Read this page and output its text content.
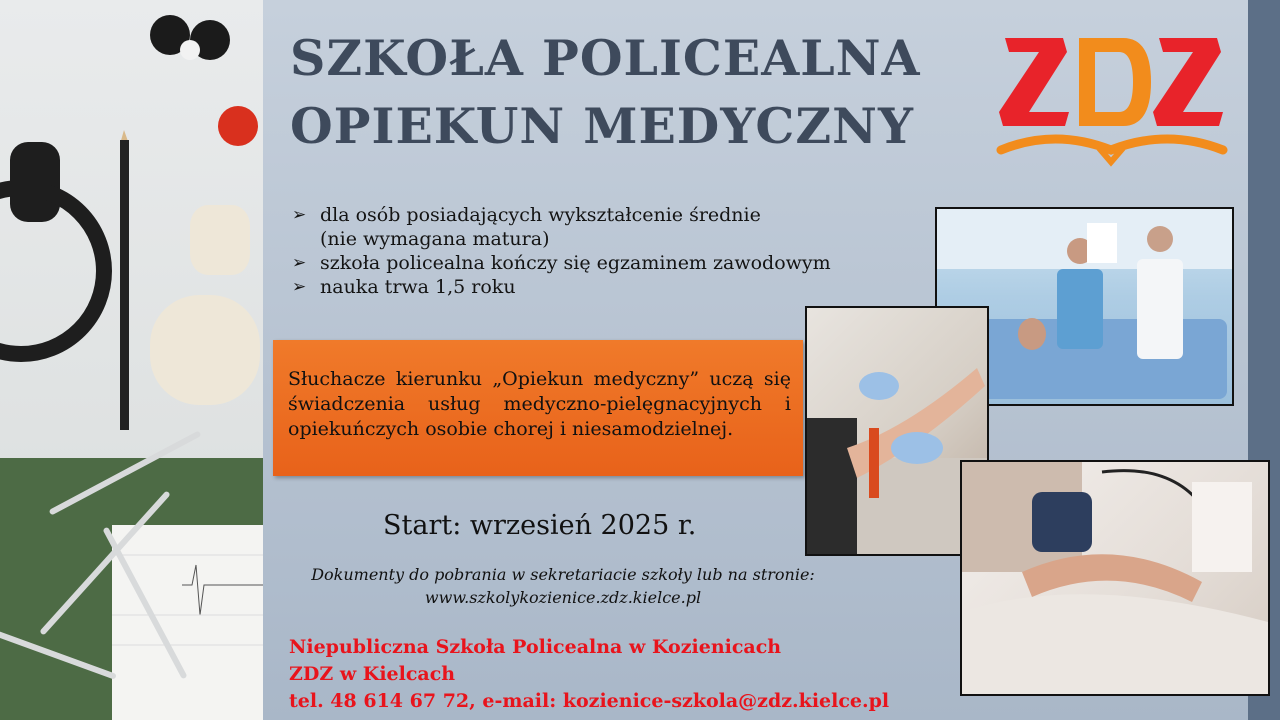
SZKOŁA POLICEALNA
OPIEKUN MEDYCZNY
➢ dla osób posiadających wykształcenie średnie
(nie wymagana matura)
➢ szkoła policealna kończy się egzaminem zawodowym
➢ nauka trwa 1,5 roku

Słuchacze kierunku „Opiekun medyczny” uczą się świadczenia usług medyczno-pielęgnacyjnych i opiekuńczych osobie chorej i niesamodzielnej.

Start: wrzesień 2025 r.
Dokumenty do pobrania w sekretariacie szkoły lub na stronie:
www.szkolykozienice.zdz.kielce.pl
Niepubliczna Szkoła Policealna w Kozienicach
ZDZ w Kielcach
tel. 48 614 67 72, e-mail: kozienice-szkola@zdz.kielce.pl
